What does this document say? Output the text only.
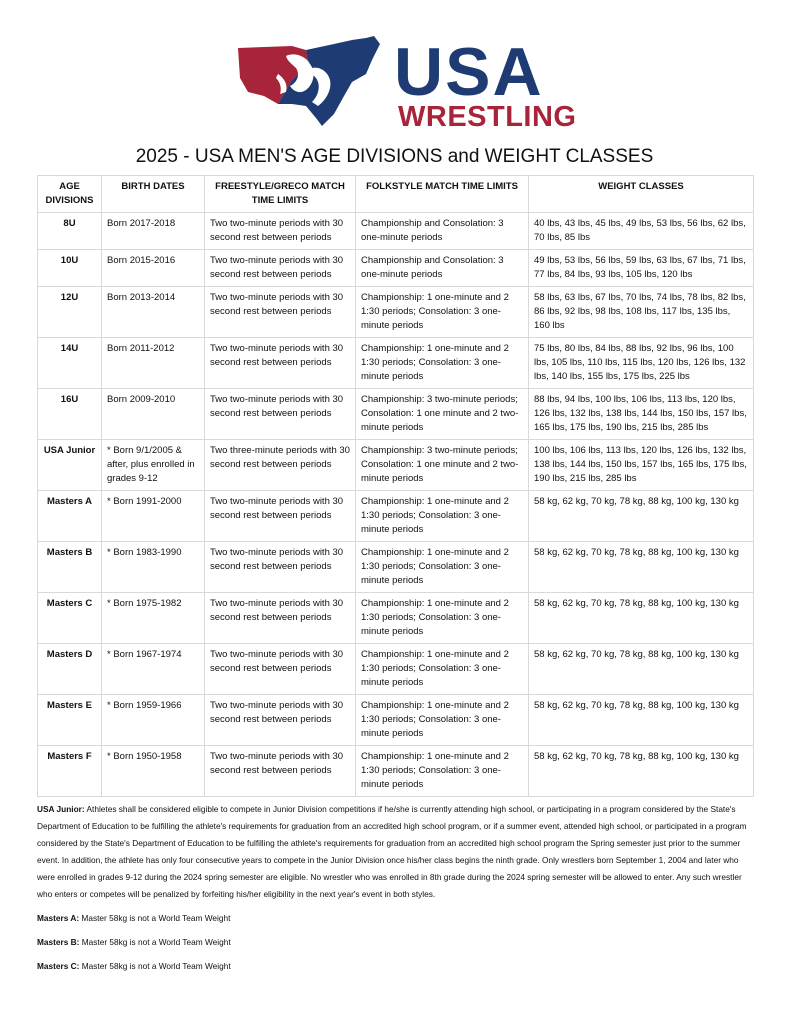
USA
WRESTLING
2025 - USA MEN'S AGE DIVISIONS and WEIGHT CLASSES
AGE DIVISIONS	BIRTH DATES	FREESTYLE/GRECO MATCH TIME LIMITS	FOLKSTYLE MATCH TIME LIMITS	WEIGHT CLASSES
8U	Born 2017-2018	Two two-minute periods with 30 second rest between periods	Championship and Consolation: 3 one-minute periods	40 lbs, 43 lbs, 45 lbs, 49 lbs, 53 lbs, 56 lbs, 62 lbs, 70 lbs, 85 lbs
10U	Born 2015-2016	Two two-minute periods with 30 second rest between periods	Championship and Consolation: 3 one-minute periods	49 lbs, 53 lbs, 56 lbs, 59 lbs, 63 lbs, 67 lbs, 71 lbs, 77 lbs, 84 lbs, 93 lbs, 105 lbs, 120 lbs
12U	Born 2013-2014	Two two-minute periods with 30 second rest between periods	Championship: 1 one-minute and 2 1:30 periods; Consolation: 3 one-minute periods	58 lbs, 63 lbs, 67 lbs, 70 lbs, 74 lbs, 78 lbs, 82 lbs, 86 lbs, 92 lbs, 98 lbs, 108 lbs, 117 lbs, 135 lbs, 160 lbs
14U	Born 2011-2012	Two two-minute periods with 30 second rest between periods	Championship: 1 one-minute and 2 1:30 periods; Consolation: 3 one-minute periods	75 lbs, 80 lbs, 84 lbs, 88 lbs, 92 lbs, 96 lbs, 100 lbs, 105 lbs, 110 lbs, 115 lbs, 120 lbs, 126 lbs, 132 lbs, 140 lbs, 155 lbs, 175 lbs, 225 lbs
16U	Born 2009-2010	Two two-minute periods with 30 second rest between periods	Championship: 3 two-minute periods; Consolation: 1 one minute and 2 two-minute periods	88 lbs, 94 lbs, 100 lbs, 106 lbs, 113 lbs, 120 lbs, 126 lbs, 132 lbs, 138 lbs, 144 lbs, 150 lbs, 157 lbs, 165 lbs, 175 lbs, 190 lbs, 215 lbs, 285 lbs
USA Junior	* Born 9/1/2005 & after, plus enrolled in grades 9-12	Two three-minute periods with 30 second rest between periods	Championship: 3 two-minute periods; Consolation: 1 one minute and 2 two-minute periods	100 lbs, 106 lbs, 113 lbs, 120 lbs, 126 lbs, 132 lbs, 138 lbs, 144 lbs, 150 lbs, 157 lbs, 165 lbs, 175 lbs, 190 lbs, 215 lbs, 285 lbs
Masters A	* Born 1991-2000	Two two-minute periods with 30 second rest between periods	Championship: 1 one-minute and 2 1:30 periods; Consolation: 3 one-minute periods	58 kg, 62 kg, 70 kg, 78 kg, 88 kg, 100 kg, 130 kg
Masters B	* Born 1983-1990	Two two-minute periods with 30 second rest between periods	Championship: 1 one-minute and 2 1:30 periods; Consolation: 3 one-minute periods	58 kg, 62 kg, 70 kg, 78 kg, 88 kg, 100 kg, 130 kg
Masters C	* Born 1975-1982	Two two-minute periods with 30 second rest between periods	Championship: 1 one-minute and 2 1:30 periods; Consolation: 3 one-minute periods	58 kg, 62 kg, 70 kg, 78 kg, 88 kg, 100 kg, 130 kg
Masters D	* Born 1967-1974	Two two-minute periods with 30 second rest between periods	Championship: 1 one-minute and 2 1:30 periods; Consolation: 3 one-minute periods	58 kg, 62 kg, 70 kg, 78 kg, 88 kg, 100 kg, 130 kg
Masters E	* Born 1959-1966	Two two-minute periods with 30 second rest between periods	Championship: 1 one-minute and 2 1:30 periods; Consolation: 3 one-minute periods	58 kg, 62 kg, 70 kg, 78 kg, 88 kg, 100 kg, 130 kg
Masters F	* Born 1950-1958	Two two-minute periods with 30 second rest between periods	Championship: 1 one-minute and 2 1:30 periods; Consolation: 3 one-minute periods	58 kg, 62 kg, 70 kg, 78 kg, 88 kg, 100 kg, 130 kg

USA Junior: Athletes shall be considered eligible to compete in Junior Division competitions if he/she is currently attending high school, or participating in a program considered by the State's Department of Education to be fulfilling the athlete's requirements for graduation from an accredited high school program, or if a summer event, attended high school, or participated in a program considered by the State's Department of Education to be fulfilling the athlete's requirements for graduation from an accredited high school program the Spring semester just prior to the summer event. In addition, the athlete has only four consecutive years to compete in the Junior Division once his/her class begins the ninth grade. Only wrestlers born September 1, 2004 and later who were enrolled in grades 9-12 during the 2024 spring semester are eligible. No wrestler who was enrolled in 8th grade during the 2024 spring semester will be allowed to enter. Any such wrestler who enters or competes will be penalized by forfeiting his/her eligibility in the next year's event in both styles.

Masters A: Master 58kg is not a World Team Weight

Masters B: Master 58kg is not a World Team Weight

Masters C: Master 58kg is not a World Team Weight
